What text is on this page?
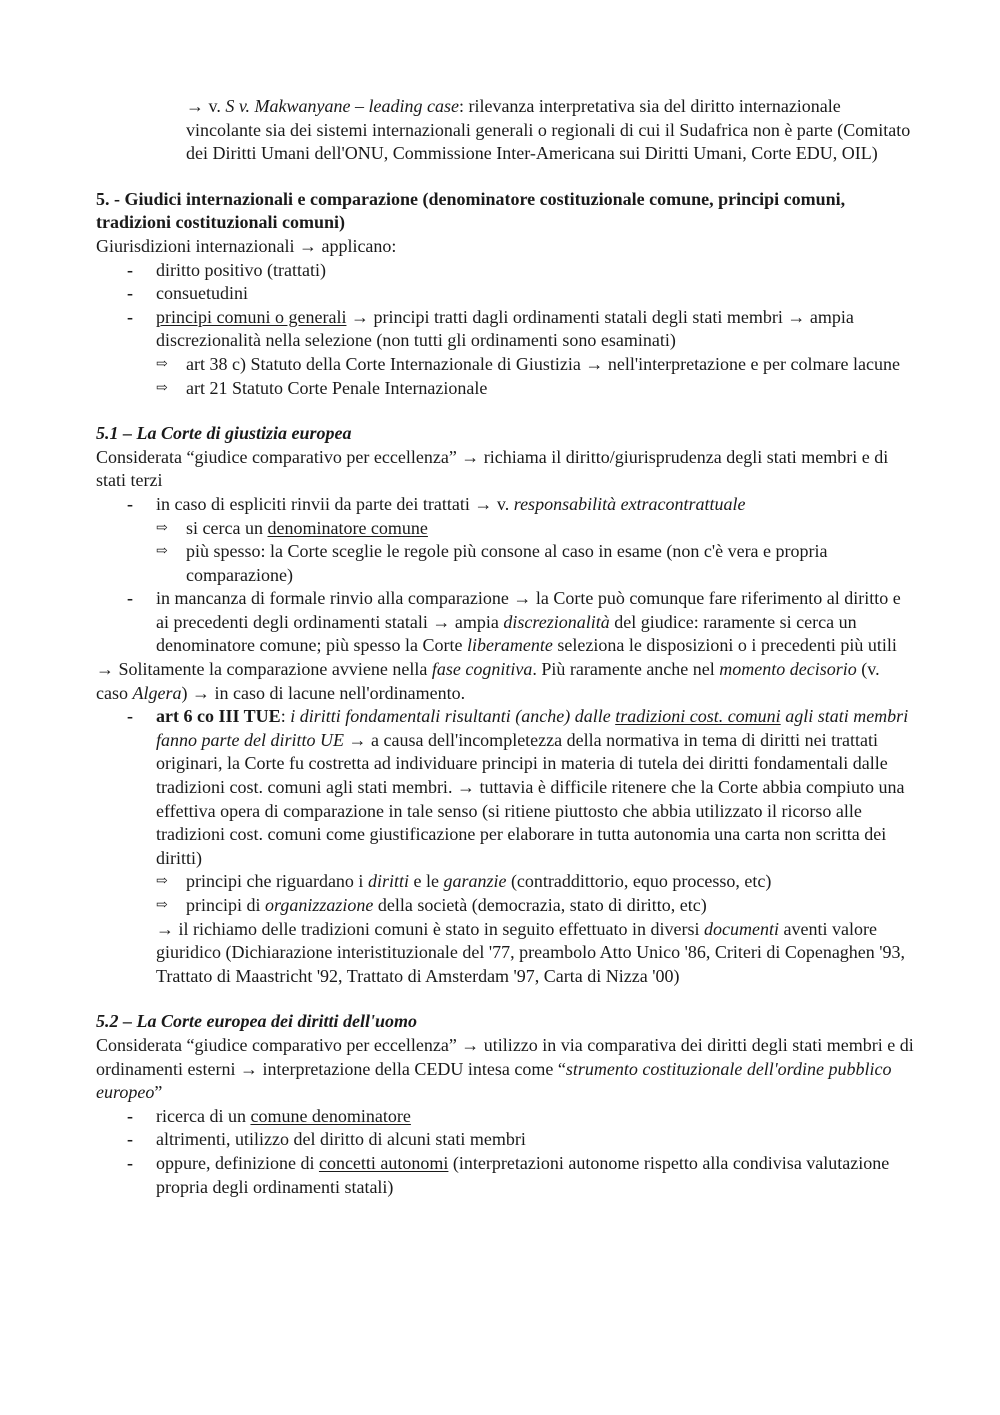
→ v. S v. Makwanyane – leading case: rilevanza interpretativa sia del diritto internazionale vincolante sia dei sistemi internazionali generali o regionali di cui il Sudafrica non è parte (Comitato dei Diritti Umani dell'ONU, Commissione Inter-Americana sui Diritti Umani, Corte EDU, OIL)

5. - Giudici internazionali e comparazione (denominatore costituzionale comune, principi comuni, tradizioni costituzionali comuni)

Giurisdizioni internazionali → applicano:

- diritto positivo (trattati)
- consuetudini
- principi comuni o generali → principi tratti dagli ordinamenti statali degli stati membri → ampia discrezionalità nella selezione (non tutti gli ordinamenti sono esaminati)
⇨ art 38 c) Statuto della Corte Internazionale di Giustizia → nell'interpretazione e per colmare lacune
⇨ art 21 Statuto Corte Penale Internazionale

5.1 – La Corte di giustizia europea

Considerata “giudice comparativo per eccellenza” → richiama il diritto/giurisprudenza degli stati membri e di stati terzi

- in caso di espliciti rinvii da parte dei trattati → v. responsabilità extracontrattuale
⇨ si cerca un denominatore comune
⇨ più spesso: la Corte sceglie le regole più consone al caso in esame (non c'è vera e propria comparazione)
- in mancanza di formale rinvio alla comparazione → la Corte può comunque fare riferimento al diritto e ai precedenti degli ordinamenti statali → ampia discrezionalità del giudice: raramente si cerca un denominatore comune; più spesso la Corte liberamente seleziona le disposizioni o i precedenti più utili

→ Solitamente la comparazione avviene nella fase cognitiva. Più raramente anche nel momento decisorio (v. caso Algera) → in caso di lacune nell'ordinamento.

- art 6 co III TUE: i diritti fondamentali risultanti (anche) dalle tradizioni cost. comuni agli stati membri fanno parte del diritto UE → a causa dell'incompletezza della normativa in tema di diritti nei trattati originari, la Corte fu costretta ad individuare principi in materia di tutela dei diritti fondamentali dalle tradizioni cost. comuni agli stati membri. → tuttavia è difficile ritenere che la Corte abbia compiuto una effettiva opera di comparazione in tale senso (si ritiene piuttosto che abbia utilizzato il ricorso alle tradizioni cost. comuni come giustificazione per elaborare in tutta autonomia una carta non scritta dei diritti)
⇨ principi che riguardano i diritti e le garanzie (contraddittorio, equo processo, etc)
⇨ principi di organizzazione della società (democrazia, stato di diritto, etc)

→ il richiamo delle tradizioni comuni è stato in seguito effettuato in diversi documenti aventi valore giuridico (Dichiarazione interistituzionale del '77, preambolo Atto Unico '86, Criteri di Copenaghen '93, Trattato di Maastricht '92, Trattato di Amsterdam '97, Carta di Nizza '00)

5.2 – La Corte europea dei diritti dell'uomo

Considerata “giudice comparativo per eccellenza” → utilizzo in via comparativa dei diritti degli stati membri e di ordinamenti esterni → interpretazione della CEDU intesa come “strumento costituzionale dell'ordine pubblico europeo”

- ricerca di un comune denominatore
- altrimenti, utilizzo del diritto di alcuni stati membri
- oppure, definizione di concetti autonomi (interpretazioni autonome rispetto alla condivisa valutazione propria degli ordinamenti statali)
